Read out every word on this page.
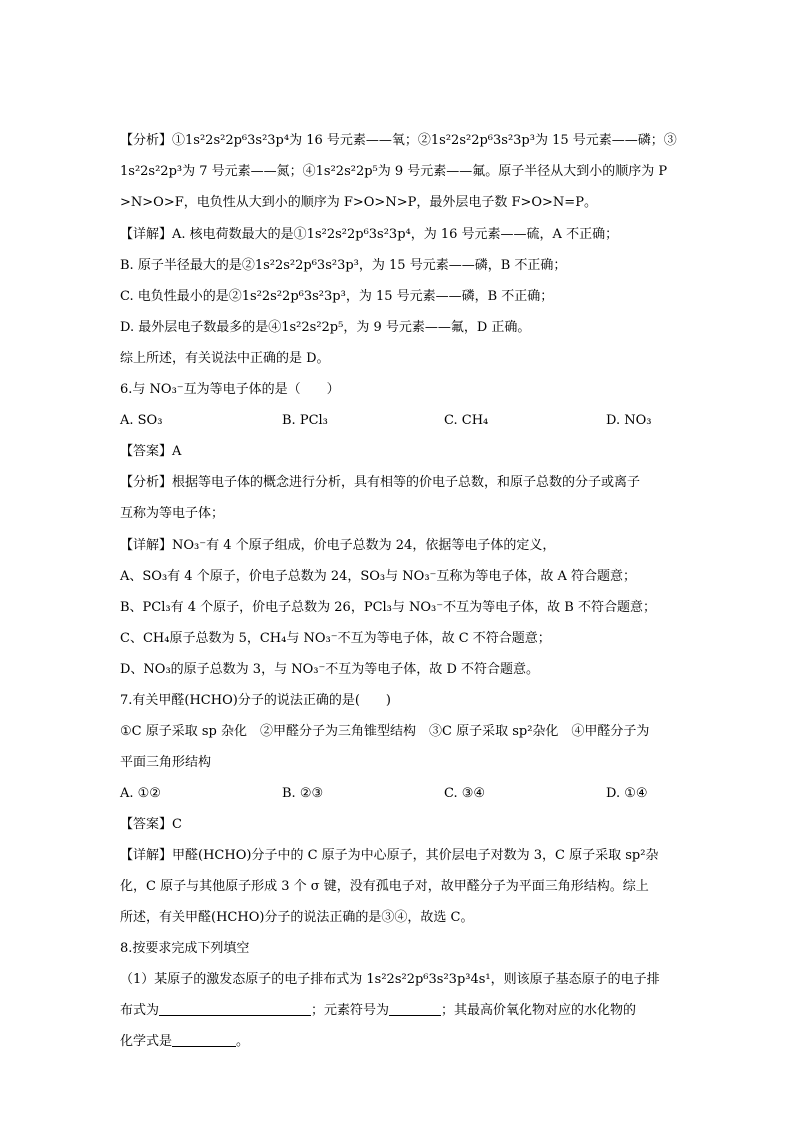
【分析】①1s²2s²2p⁶3s²3p⁴为 16 号元素——氧；②1s²2s²2p⁶3s²3p³为 15 号元素——磷；③
1s²2s²2p³为 7 号元素——氮；④1s²2s²2p⁵为 9 号元素——氟。原子半径从大到小的顺序为 P
>N>O>F，电负性从大到小的顺序为 F>O>N>P，最外层电子数 F>O>N=P。
【详解】A. 核电荷数最大的是①1s²2s²2p⁶3s²3p⁴，为 16 号元素——硫，A 不正确；
B. 原子半径最大的是②1s²2s²2p⁶3s²3p³，为 15 号元素——磷，B 不正确；
C. 电负性最小的是②1s²2s²2p⁶3s²3p³，为 15 号元素——磷，B 不正确；
D. 最外层电子数最多的是④1s²2s²2p⁵，为 9 号元素——氟，D 正确。
综上所述，有关说法中正确的是 D。
6.与 NO₃⁻互为等电子体的是（　　）
A. SO₃	B. PCl₃	C. CH₄	D. NO₃
【答案】A
【分析】根据等电子体的概念进行分析，具有相等的价电子总数，和原子总数的分子或离子
互称为等电子体；
【详解】NO₃⁻有 4 个原子组成，价电子总数为 24，依据等电子体的定义，
A、SO₃有 4 个原子，价电子总数为 24，SO₃与 NO₃⁻互称为等电子体，故 A 符合题意；
B、PCl₃有 4 个原子，价电子总数为 26，PCl₃与 NO₃⁻不互为等电子体，故 B 不符合题意；
C、CH₄原子总数为 5，CH₄与 NO₃⁻不互为等电子体，故 C 不符合题意；
D、NO₃的原子总数为 3，与 NO₃⁻不互为等电子体，故 D 不符合题意。
7.有关甲醛(HCHO)分子的说法正确的是(　　)
①C 原子采取 sp 杂化　②甲醛分子为三角锥型结构　③C 原子采取 sp²杂化　④甲醛分子为
平面三角形结构
A. ①②	B. ②③	C. ③④	D. ①④
【答案】C
【详解】甲醛(HCHO)分子中的 C 原子为中心原子，其价层电子对数为 3，C 原子采取 sp²杂
化，C 原子与其他原子形成 3 个 σ 键，没有孤电子对，故甲醛分子为平面三角形结构。综上
所述，有关甲醛(HCHO)分子的说法正确的是③④，故选 C。
8.按要求完成下列填空
（1）某原子的激发态原子的电子排布式为 1s²2s²2p⁶3s²3p³4s¹，则该原子基态原子的电子排
布式为	；元素符号为	；其最高价氧化物对应的水化物的
化学式是	。
